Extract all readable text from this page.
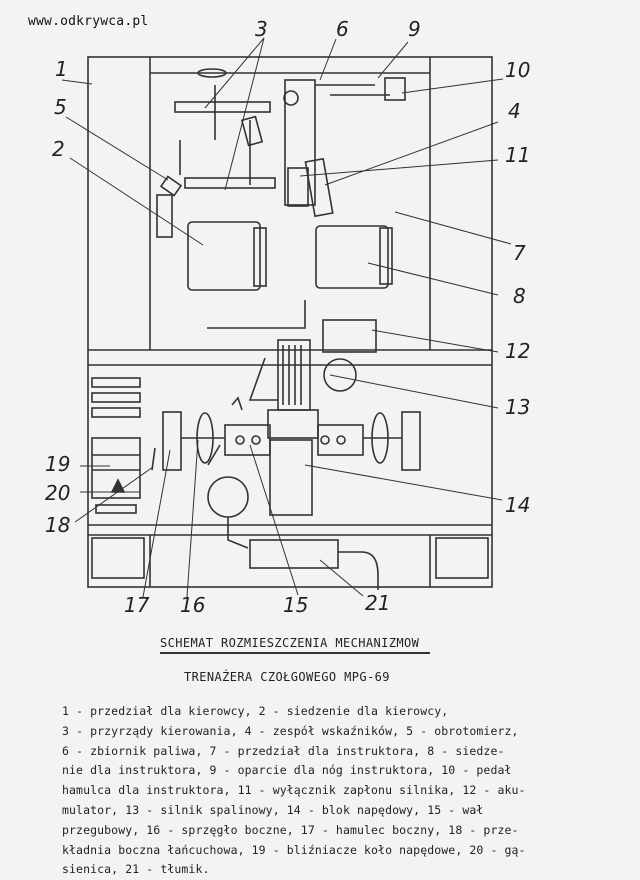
www.odkrywca.pl
1
2
3
4
5
6
7
8
9
10
11
12
13
14
15
16
17
18
19
20
21
SCHEMAT ROZMIESZCZENIA MECHANIZMOW
TRENAŻERA CZOŁGOWEGO MPG-69
1 - przedział dla kierowcy, 2 - siedzenie dla kierowcy,
3 - przyrządy kierowania, 4 - zespół wskaźników, 5 - obrotomierz,
6 - zbiornik paliwa, 7 - przedział dla instruktora, 8 - siedze-
nie dla instruktora, 9 - oparcie dla nóg instruktora, 10 - pedał
hamulca dla instruktora, 11 - wyłącznik zapłonu silnika, 12 - aku-
mulator, 13 - silnik spalinowy, 14 - blok napędowy, 15 - wał
przegubowy, 16 - sprzęgło boczne, 17 - hamulec boczny, 18 - prze-
kładnia boczna łańcuchowa, 19 - bliźniacze koło napędowe, 20 - gą-
sienica, 21 - tłumik.
